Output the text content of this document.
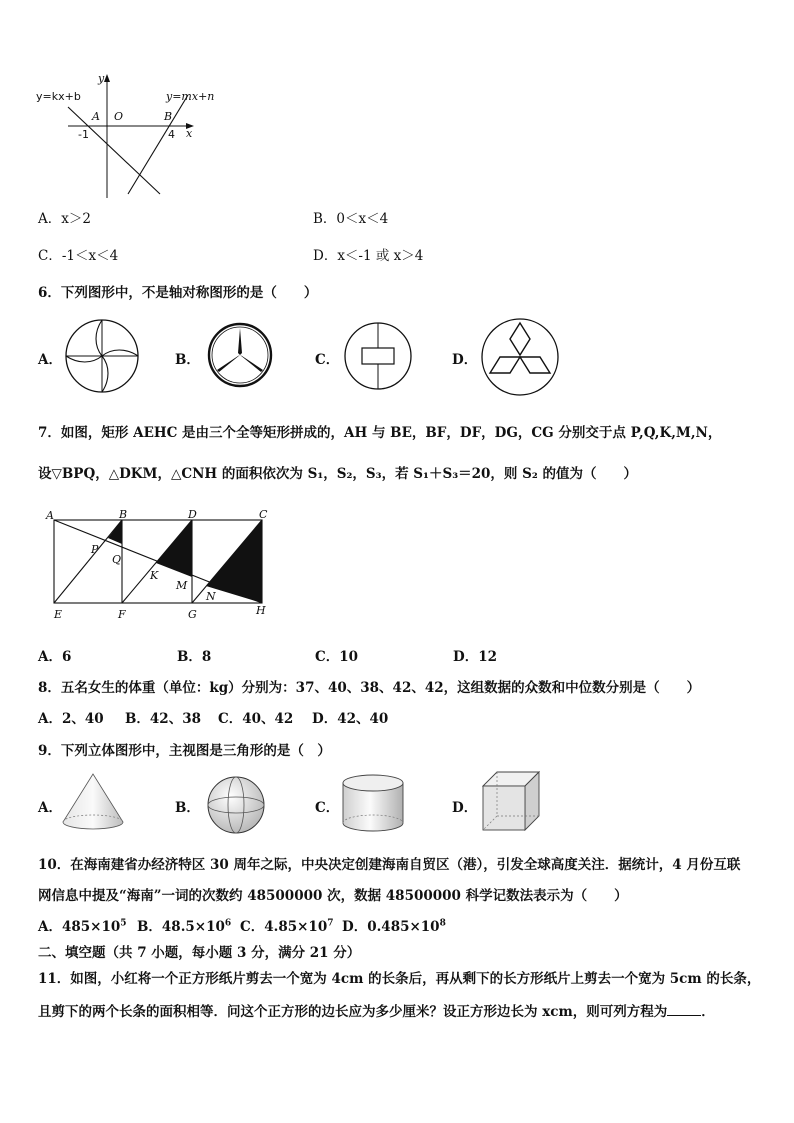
y
x
y=kx+b	y=mx+n
A O	B
-1	4
A．x＞2	B．0＜x＜4
C．-1＜x＜4	D．x＜-1 或 x＞4
6．下列图形中，不是轴对称图形的是（　　）
A．	B．	C．	D．
7．如图，矩形 AEHC 是由三个全等矩形拼成的，AH 与 BE，BF，DF，DG，CG 分别交于点 P,Q,K,M,N，
设▽BPQ，△DKM，△CNH 的面积依次为 S₁，S₂，S₃，若 S₁＋S₃＝20，则 S₂ 的值为（　　）
A	B	D	C
P
Q
K
M
N
E	F	G	H
A．6	B．8	C．10	D．12
8．五名女生的体重（单位：kg）分别为：37、40、38、42、42，这组数据的众数和中位数分别是（　　）
A．2、40 B．42、38 C．40、42 D．42、40
9．下列立体图形中，主视图是三角形的是（　）
A．	B．	C．	D．
10．在海南建省办经济特区 30 周年之际，中央决定创建海南自贸区（港），引发全球高度关注．据统计，4 月份互联
网信息中提及“海南”一词的次数约 48500000 次，数据 48500000 科学记数法表示为（　　）
A．$485\times 10^5$ B．$48.5\times 10^6$ C．$4.85\times 10^7$ D．$0.485\times 10^8$
二、填空题（共 7 小题，每小题 3 分，满分 21 分）
11．如图，小红将一个正方形纸片剪去一个宽为 4cm 的长条后，再从剩下的长方形纸片上剪去一个宽为 5cm 的长条，
且剪下的两个长条的面积相等．问这个正方形的边长应为多少厘米？设正方形边长为 xcm，则可列方程为	．
